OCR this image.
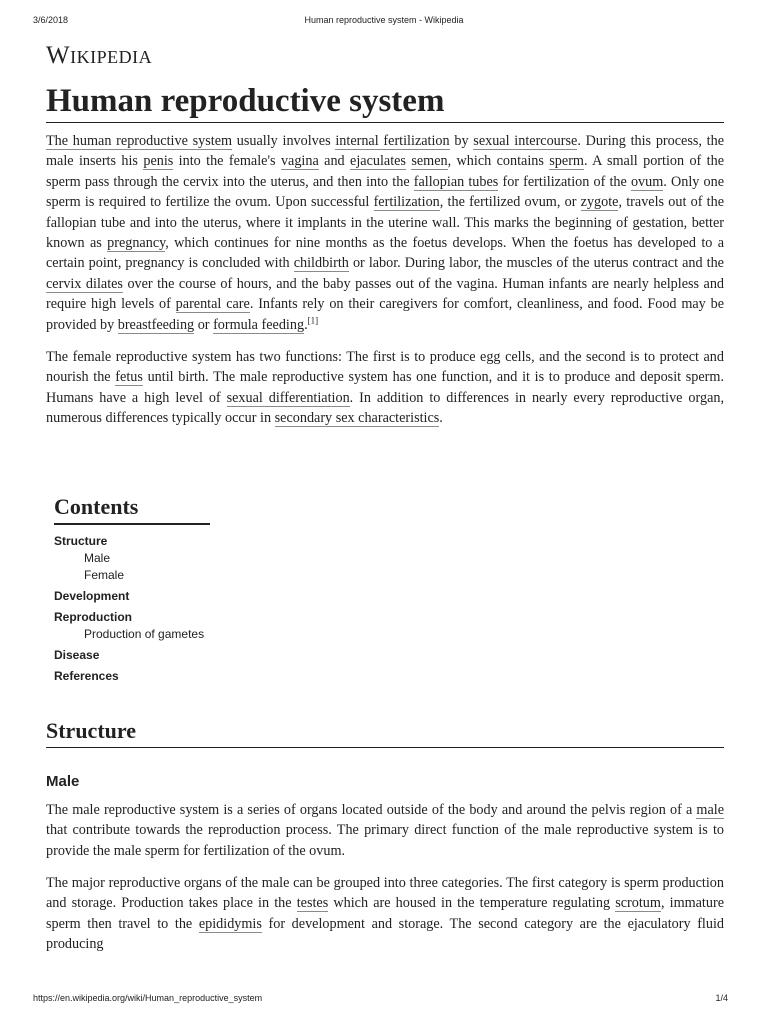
3/6/2018	Human reproductive system - Wikipedia
Wikipedia
Human reproductive system

The human reproductive system usually involves internal fertilization by sexual intercourse. During this process, the male inserts his penis into the female's vagina and ejaculates semen, which contains sperm. A small portion of the sperm pass through the cervix into the uterus, and then into the fallopian tubes for fertilization of the ovum. Only one sperm is required to fertilize the ovum. Upon successful fertilization, the fertilized ovum, or zygote, travels out of the fallopian tube and into the uterus, where it implants in the uterine wall. This marks the beginning of gestation, better known as pregnancy, which continues for nine months as the foetus develops. When the foetus has developed to a certain point, pregnancy is concluded with childbirth or labor. During labor, the muscles of the uterus contract and the cervix dilates over the course of hours, and the baby passes out of the vagina. Human infants are nearly helpless and require high levels of parental care. Infants rely on their caregivers for comfort, cleanliness, and food. Food may be provided by breastfeeding or formula feeding.[1]

The female reproductive system has two functions: The first is to produce egg cells, and the second is to protect and nourish the fetus until birth. The male reproductive system has one function, and it is to produce and deposit sperm. Humans have a high level of sexual differentiation. In addition to differences in nearly every reproductive organ, numerous differences typically occur in secondary sex characteristics.

Contents
Structure
Male
Female
Development
Reproduction
Production of gametes
Disease
References
Structure
Male

The male reproductive system is a series of organs located outside of the body and around the pelvis region of a male that contribute towards the reproduction process. The primary direct function of the male reproductive system is to provide the male sperm for fertilization of the ovum.

The major reproductive organs of the male can be grouped into three categories. The first category is sperm production and storage. Production takes place in the testes which are housed in the temperature regulating scrotum, immature sperm then travel to the epididymis for development and storage. The second category are the ejaculatory fluid producing

https://en.wikipedia.org/wiki/Human_reproductive_system	1/4
